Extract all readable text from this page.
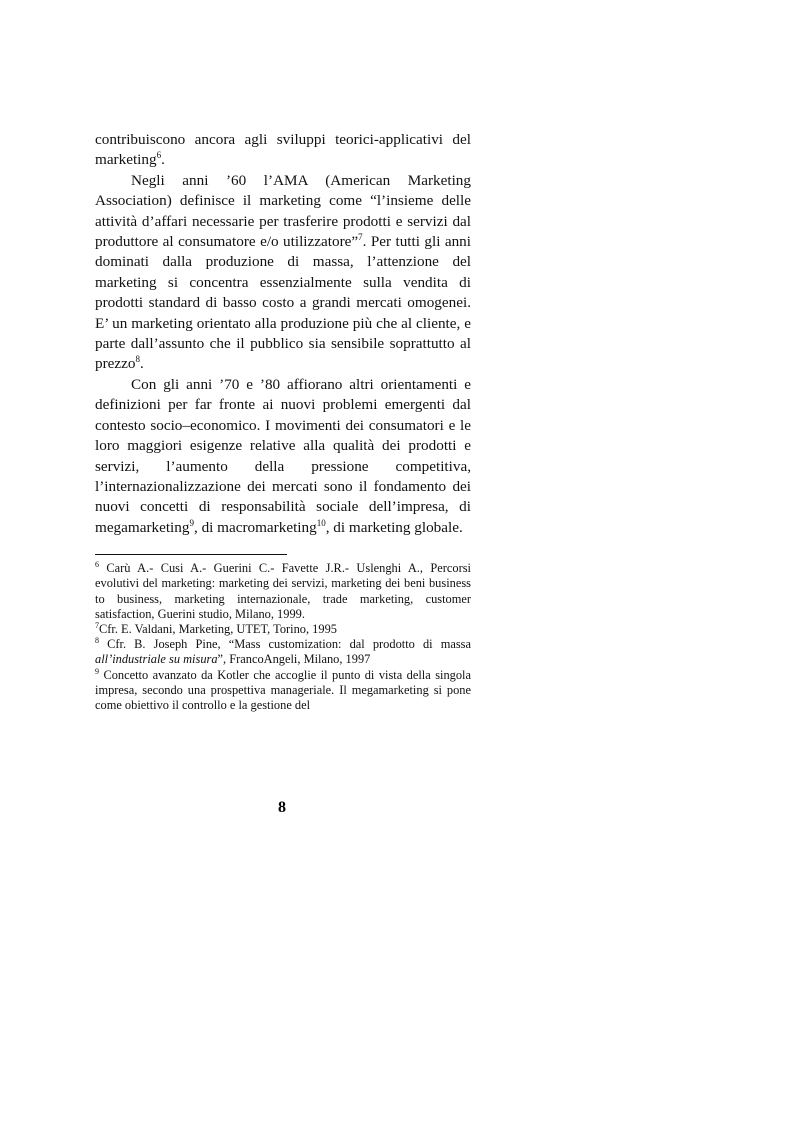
contribuiscono ancora agli sviluppi teorici-applicativi del marketing$^6$.

Negli anni ’60 l’AMA (American Marketing Association) definisce il marketing come “l’insieme delle attività d’affari necessarie per trasferire prodotti e servizi dal produttore al consumatore e/o utilizzatore”$^7$. Per tutti gli anni dominati dalla produzione di massa, l’attenzione del marketing si concentra essenzialmente sulla vendita di prodotti standard di basso costo a grandi mercati omogenei. E’ un marketing orientato alla produzione più che al cliente, e parte dall’assunto che il pubblico sia sensibile soprattutto al prezzo$^8$.

Con gli anni ’70 e ’80 affiorano altri orientamenti e definizioni per far fronte ai nuovi problemi emergenti dal contesto socio–economico. I movimenti dei consumatori e le loro maggiori esigenze relative alla qualità dei prodotti e servizi, l’aumento della pressione competitiva, l’internazionalizzazione dei mercati sono il fondamento dei nuovi concetti di responsabilità sociale dell’impresa, di megamarketing$^9$, di macromarketing$^{10}$, di marketing globale.

$^6$ Carù A.- Cusi A.- Guerini C.- Favette J.R.- Uslenghi A., Percorsi evolutivi del marketing: marketing dei servizi, marketing dei beni business to business, marketing internazionale, trade marketing, customer satisfaction, Guerini studio, Milano, 1999.

$^7$Cfr. E. Valdani, Marketing, UTET, Torino, 1995

$^8$ Cfr. B. Joseph Pine, “Mass customization: dal prodotto di massa all’industriale su misura”, FrancoAngeli, Milano, 1997

$^9$ Concetto avanzato da Kotler che accoglie il punto di vista della singola impresa, secondo una prospettiva manageriale. Il megamarketing si pone come obiettivo il controllo e la gestione del

8
